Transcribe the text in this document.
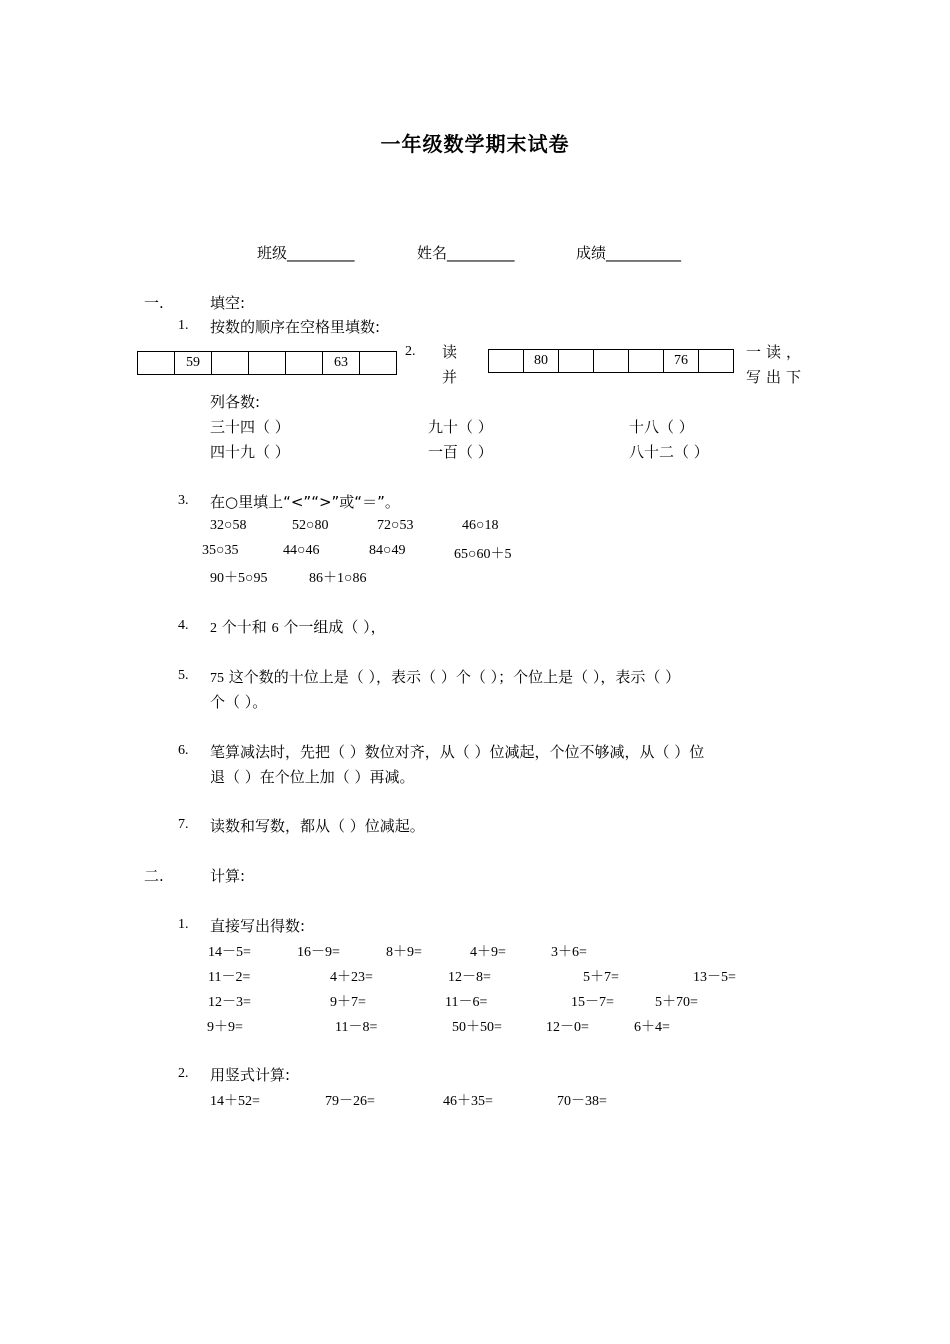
一年级数学期末试卷
班级_________	姓名_________	成绩__________
一.	填空:
1. 按数的顺序在空格里填数:
59	63
2. 读
并
80	76	一读，
写出下
列各数:
三十四（ ）	九十（ ）	十八（ ）
四十九（ ）	一百（ ）	八十二（ ）
3. 在○里填上“<”“>”或“＝”。
32○58	52○80	72○53	46○18
35○35	44○46	84○49	65○60＋5
90＋5○95	86＋1○86
4. 2 个十和 6 个一组成（ ），
5. 75 这个数的十位上是（ ），表示（ ）个（ ）；个位上是（ ），表示（ ）
个（ ）。
6. 笔算减法时，先把（ ）数位对齐，从（ ）位减起，个位不够减，从（ ）位
退（ ）在个位上加（ ）再减。
7. 读数和写数，都从（ ）位减起。
二.	计算:
1. 直接写出得数:
14－5=	16－9=	8＋9=	4＋9=	3＋6=
11－2=	4＋23=	12－8=	5＋7=	13－5=
12－3=	9＋7=	11－6=	15－7=	5＋70=
9＋9=	11－8=	50＋50=	12－0=	6＋4=
2. 用竖式计算:
14＋52=	79－26=	46＋35=	70－38=
